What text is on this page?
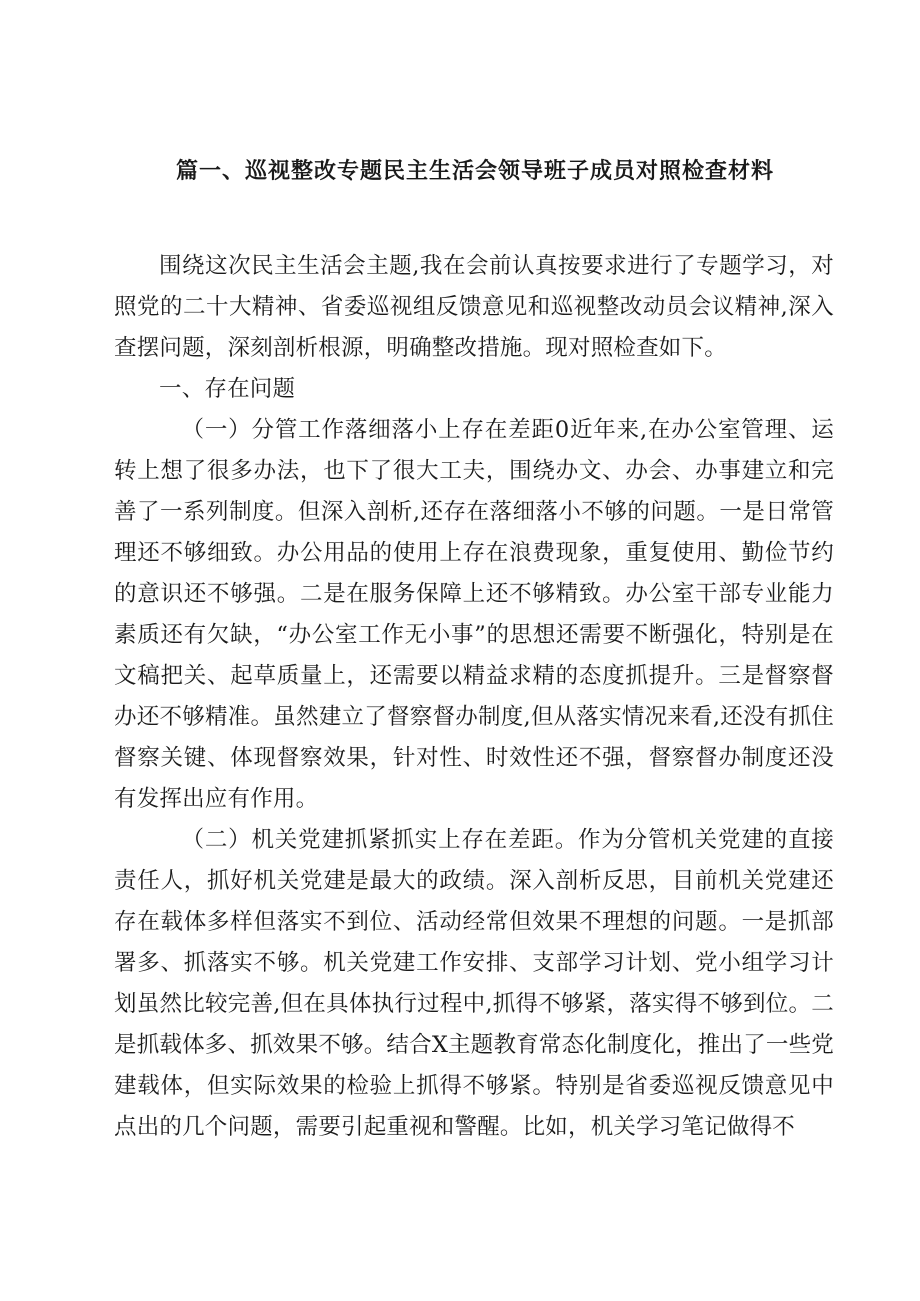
篇一、巡视整改专题民主生活会领导班子成员对照检查材料

围绕这次民主生活会主题,我在会前认真按要求进行了专题学习，对照党的二十大精神、省委巡视组反馈意见和巡视整改动员会议精神,深入查摆问题，深刻剖析根源，明确整改措施。现对照检查如下。

一、存在问题

（一）分管工作落细落小上存在差距0近年来,在办公室管理、运转上想了很多办法，也下了很大工夫，围绕办文、办会、办事建立和完善了一系列制度。但深入剖析,还存在落细落小不够的问题。一是日常管理还不够细致。办公用品的使用上存在浪费现象，重复使用、勤俭节约的意识还不够强。二是在服务保障上还不够精致。办公室干部专业能力素质还有欠缺，“办公室工作无小事”的思想还需要不断强化，特别是在文稿把关、起草质量上，还需要以精益求精的态度抓提升。三是督察督办还不够精准。虽然建立了督察督办制度,但从落实情况来看,还没有抓住督察关键、体现督察效果，针对性、时效性还不强，督察督办制度还没有发挥出应有作用。

（二）机关党建抓紧抓实上存在差距。作为分管机关党建的直接责任人，抓好机关党建是最大的政绩。深入剖析反思，目前机关党建还存在载体多样但落实不到位、活动经常但效果不理想的问题。一是抓部署多、抓落实不够。机关党建工作安排、支部学习计划、党小组学习计划虽然比较完善,但在具体执行过程中,抓得不够紧，落实得不够到位。二是抓载体多、抓效果不够。结合X主题教育常态化制度化，推出了一些党建载体，但实际效果的检验上抓得不够紧。特别是省委巡视反馈意见中点出的几个问题，需要引起重视和警醒。比如，机关学习笔记做得不
